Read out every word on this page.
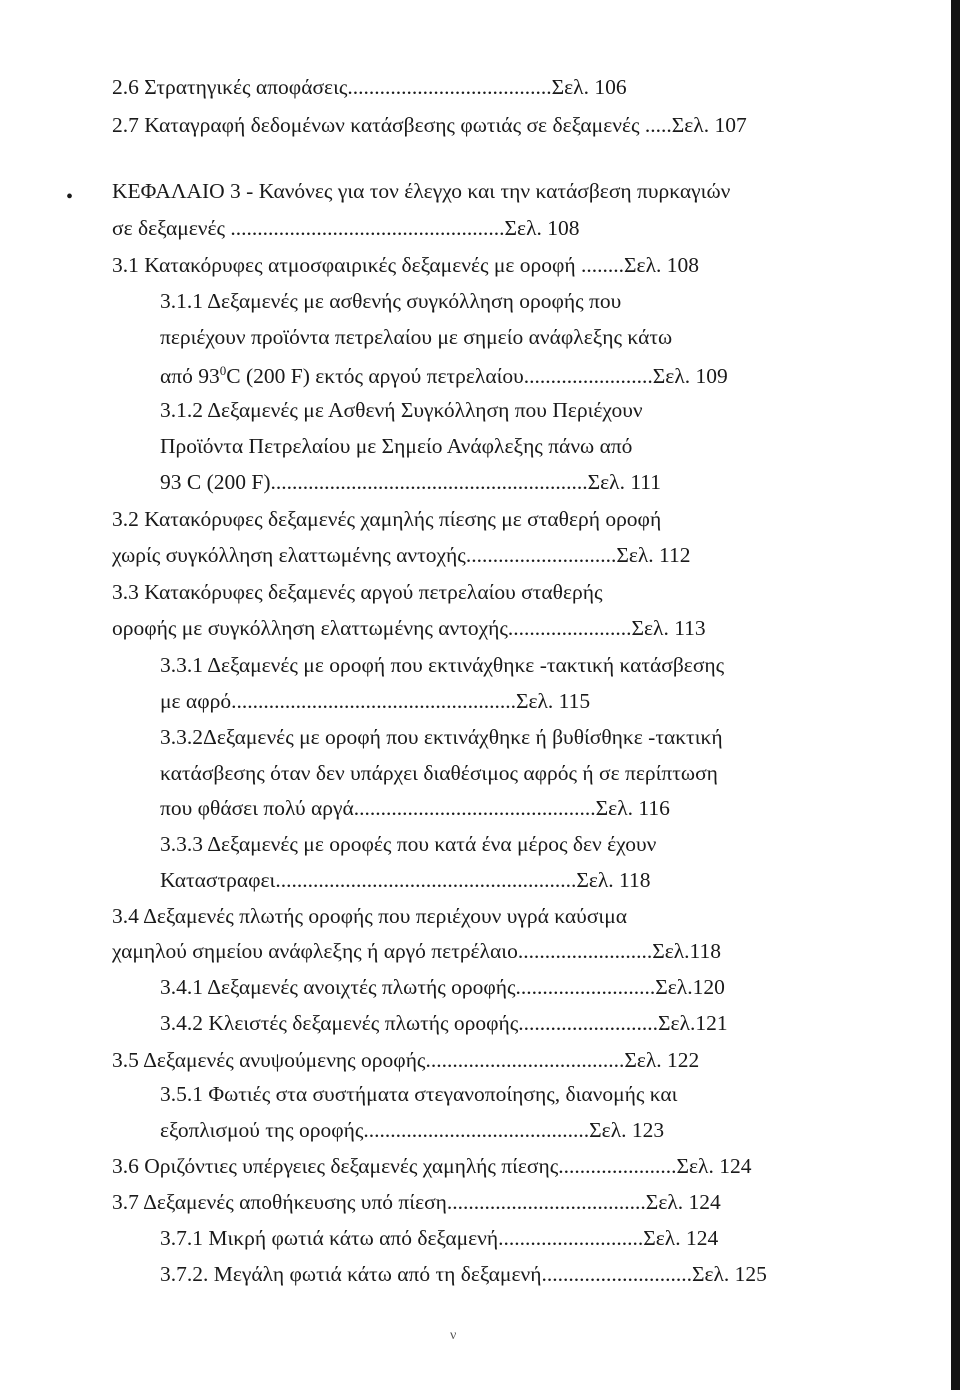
•
2.6 Στρατηγικές αποφάσεις......................................Σελ. 106
2.7 Καταγραφή δεδομένων κατάσβεσης φωτιάς σε δεξαμενές .....Σελ. 107
ΚΕΦΑΛΑΙΟ 3 - Κανόνες για τον έλεγχο και την κατάσβεση πυρκαγιών
σε δεξαμενές ...................................................Σελ. 108
3.1 Κατακόρυφες ατμοσφαιρικές δεξαμενές με οροφή ........Σελ. 108
3.1.1 Δεξαμενές με ασθενής συγκόλληση οροφής που
περιέχουν προϊόντα πετρελαίου με σημείο ανάφλεξης κάτω
από $93^0C$ (200 F) εκτός αργού πετρελαίου........................Σελ. 109
3.1.2 Δεξαμενές με Ασθενή Συγκόλληση που Περιέχουν
Προϊόντα Πετρελαίου με Σημείο Ανάφλεξης πάνω από
93 C (200 F)...........................................................Σελ. 111
3.2 Κατακόρυφες δεξαμενές χαμηλής πίεσης με σταθερή οροφή
χωρίς συγκόλληση ελαττωμένης αντοχής............................Σελ. 112
3.3 Κατακόρυφες δεξαμενές αργού πετρελαίου σταθερής
οροφής με συγκόλληση ελαττωμένης αντοχής.......................Σελ. 113
3.3.1 Δεξαμενές με οροφή που εκτινάχθηκε -τακτική κατάσβεσης
με αφρό.....................................................Σελ. 115
3.3.2Δεξαμενές με οροφή που εκτινάχθηκε ή βυθίσθηκε -τακτική
κατάσβεσης όταν δεν υπάρχει διαθέσιμος αφρός ή σε περίπτωση
που φθάσει πολύ αργά.............................................Σελ. 116
3.3.3 Δεξαμενές με οροφές που κατά ένα μέρος δεν έχουν
Καταστραφει........................................................Σελ. 118
3.4 Δεξαμενές πλωτής οροφής που περιέχουν υγρά καύσιμα
χαμηλού σημείου ανάφλεξης ή αργό πετρέλαιο.........................Σελ.118
3.4.1 Δεξαμενές ανοιχτές πλωτής οροφής..........................Σελ.120
3.4.2 Κλειστές δεξαμενές πλωτής οροφής..........................Σελ.121
3.5 Δεξαμενές ανυψούμενης οροφής.....................................Σελ. 122
3.5.1 Φωτιές στα συστήματα στεγανοποίησης, διανομής και
εξοπλισμού της οροφής..........................................Σελ. 123
3.6 Οριζόντιες υπέργειες δεξαμενές χαμηλής πίεσης......................Σελ. 124
3.7 Δεξαμενές αποθήκευσης υπό πίεση.....................................Σελ. 124
3.7.1 Μικρή φωτιά κάτω από δεξαμενή...........................Σελ. 124
3.7.2. Μεγάλη φωτιά κάτω από τη δεξαμενή............................Σελ. 125
ν
